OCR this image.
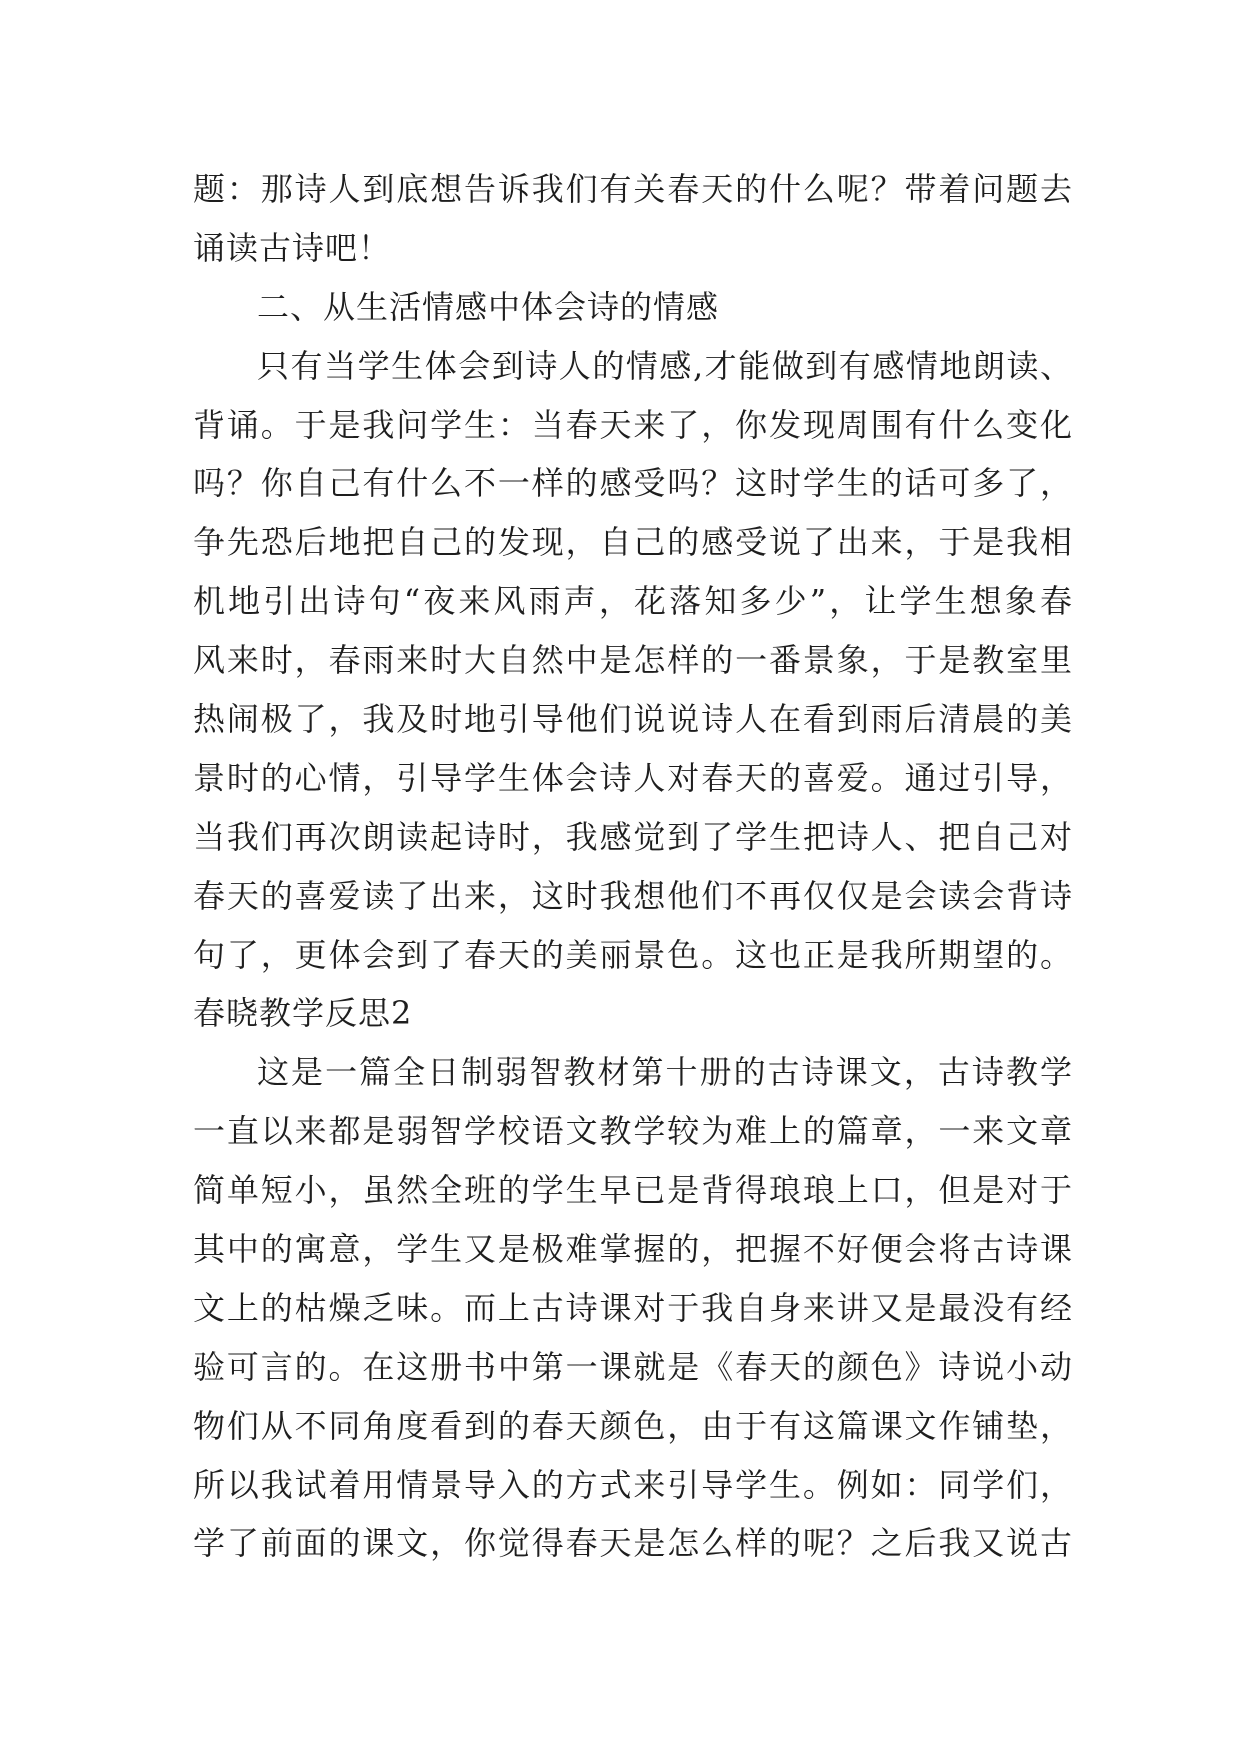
题：那诗人到底想告诉我们有关春天的什么呢？带着问题去
诵读古诗吧！
二、从生活情感中体会诗的情感
只有当学生体会到诗人的情感,才能做到有感情地朗读、
背诵。于是我问学生：当春天来了，你发现周围有什么变化
吗？你自己有什么不一样的感受吗？这时学生的话可多了，
争先恐后地把自己的发现，自己的感受说了出来，于是我相
机地引出诗句“夜来风雨声，花落知多少”，让学生想象春
风来时，春雨来时大自然中是怎样的一番景象，于是教室里
热闹极了，我及时地引导他们说说诗人在看到雨后清晨的美
景时的心情，引导学生体会诗人对春天的喜爱。通过引导，
当我们再次朗读起诗时，我感觉到了学生把诗人、把自己对
春天的喜爱读了出来，这时我想他们不再仅仅是会读会背诗
句了，更体会到了春天的美丽景色。这也正是我所期望的。
春晓教学反思2
这是一篇全日制弱智教材第十册的古诗课文，古诗教学
一直以来都是弱智学校语文教学较为难上的篇章，一来文章
简单短小，虽然全班的学生早已是背得琅琅上口，但是对于
其中的寓意，学生又是极难掌握的，把握不好便会将古诗课
文上的枯燥乏味。而上古诗课对于我自身来讲又是最没有经
验可言的。在这册书中第一课就是《春天的颜色》诗说小动
物们从不同角度看到的春天颜色，由于有这篇课文作铺垫，
所以我试着用情景导入的方式来引导学生。例如：同学们，
学了前面的课文，你觉得春天是怎么样的呢？之后我又说古
